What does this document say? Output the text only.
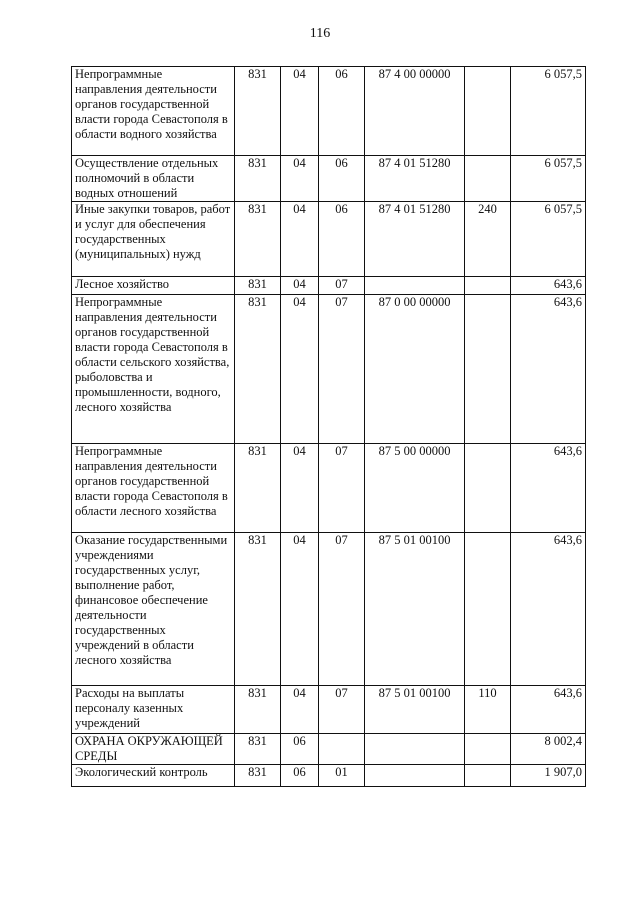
116
Непрограммные направления деятельности органов государственной власти города Севастополя в области водного хозяйства	831	04	06	87 4 00 00000		6 057,5
Осуществление отдельных полномочий в области водных отношений	831	04	06	87 4 01 51280		6 057,5
Иные закупки товаров, работ и услуг для обеспечения государственных (муниципальных) нужд	831	04	06	87 4 01 51280	240	6 057,5
Лесное хозяйство	831	04	07			643,6
Непрограммные направления деятельности органов государственной власти города Севастополя в области сельского хозяйства, рыболовства и промышленности, водного, лесного хозяйства	831	04	07	87 0 00 00000		643,6
Непрограммные направления деятельности органов государственной власти города Севастополя в области лесного хозяйства	831	04	07	87 5 00 00000		643,6
Оказание государственными учреждениями государственных услуг, выполнение работ, финансовое обеспечение деятельности государственных учреждений в области лесного хозяйства	831	04	07	87 5 01 00100		643,6
Расходы на выплаты персоналу казенных учреждений	831	04	07	87 5 01 00100	110	643,6
ОХРАНА ОКРУЖАЮЩЕЙ СРЕДЫ	831	06				8 002,4
Экологический контроль	831	06	01			1 907,0
